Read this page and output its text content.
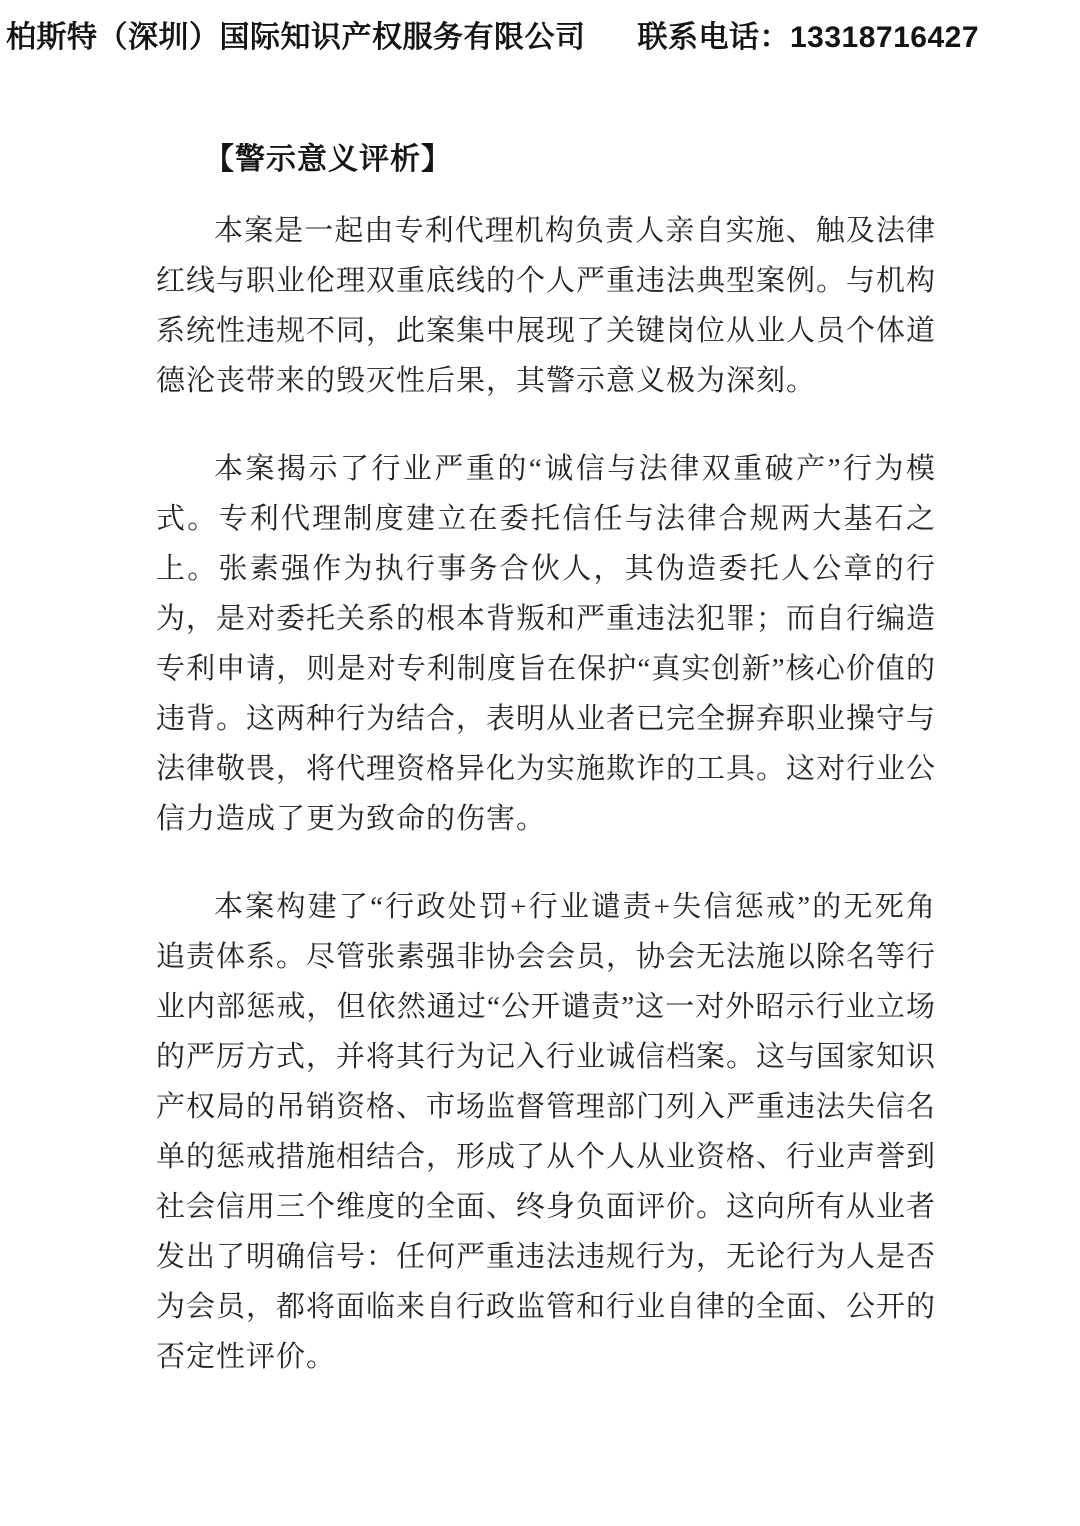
柏斯特（深圳）国际知识产权服务有限公司 联系电话：13318716427
【警示意义评析】

本案是一起由专利代理机构负责人亲自实施、触及法律红线与职业伦理双重底线的个人严重违法典型案例。与机构系统性违规不同，此案集中展现了关键岗位从业人员个体道德沦丧带来的毁灭性后果，其警示意义极为深刻。

本案揭示了行业严重的“诚信与法律双重破产”行为模式。专利代理制度建立在委托信任与法律合规两大基石之上。张素强作为执行事务合伙人，其伪造委托人公章的行为，是对委托关系的根本背叛和严重违法犯罪；而自行编造专利申请，则是对专利制度旨在保护“真实创新”核心价值的违背。这两种行为结合，表明从业者已完全摒弃职业操守与法律敬畏，将代理资格异化为实施欺诈的工具。这对行业公信力造成了更为致命的伤害。

本案构建了“行政处罚+行业谴责+失信惩戒”的无死角追责体系。尽管张素强非协会会员，协会无法施以除名等行业内部惩戒，但依然通过“公开谴责”这一对外昭示行业立场的严厉方式，并将其行为记入行业诚信档案。这与国家知识产权局的吊销资格、市场监督管理部门列入严重违法失信名单的惩戒措施相结合，形成了从个人从业资格、行业声誉到社会信用三个维度的全面、终身负面评价。这向所有从业者发出了明确信号：任何严重违法违规行为，无论行为人是否为会员，都将面临来自行政监管和行业自律的全面、公开的否定性评价。
